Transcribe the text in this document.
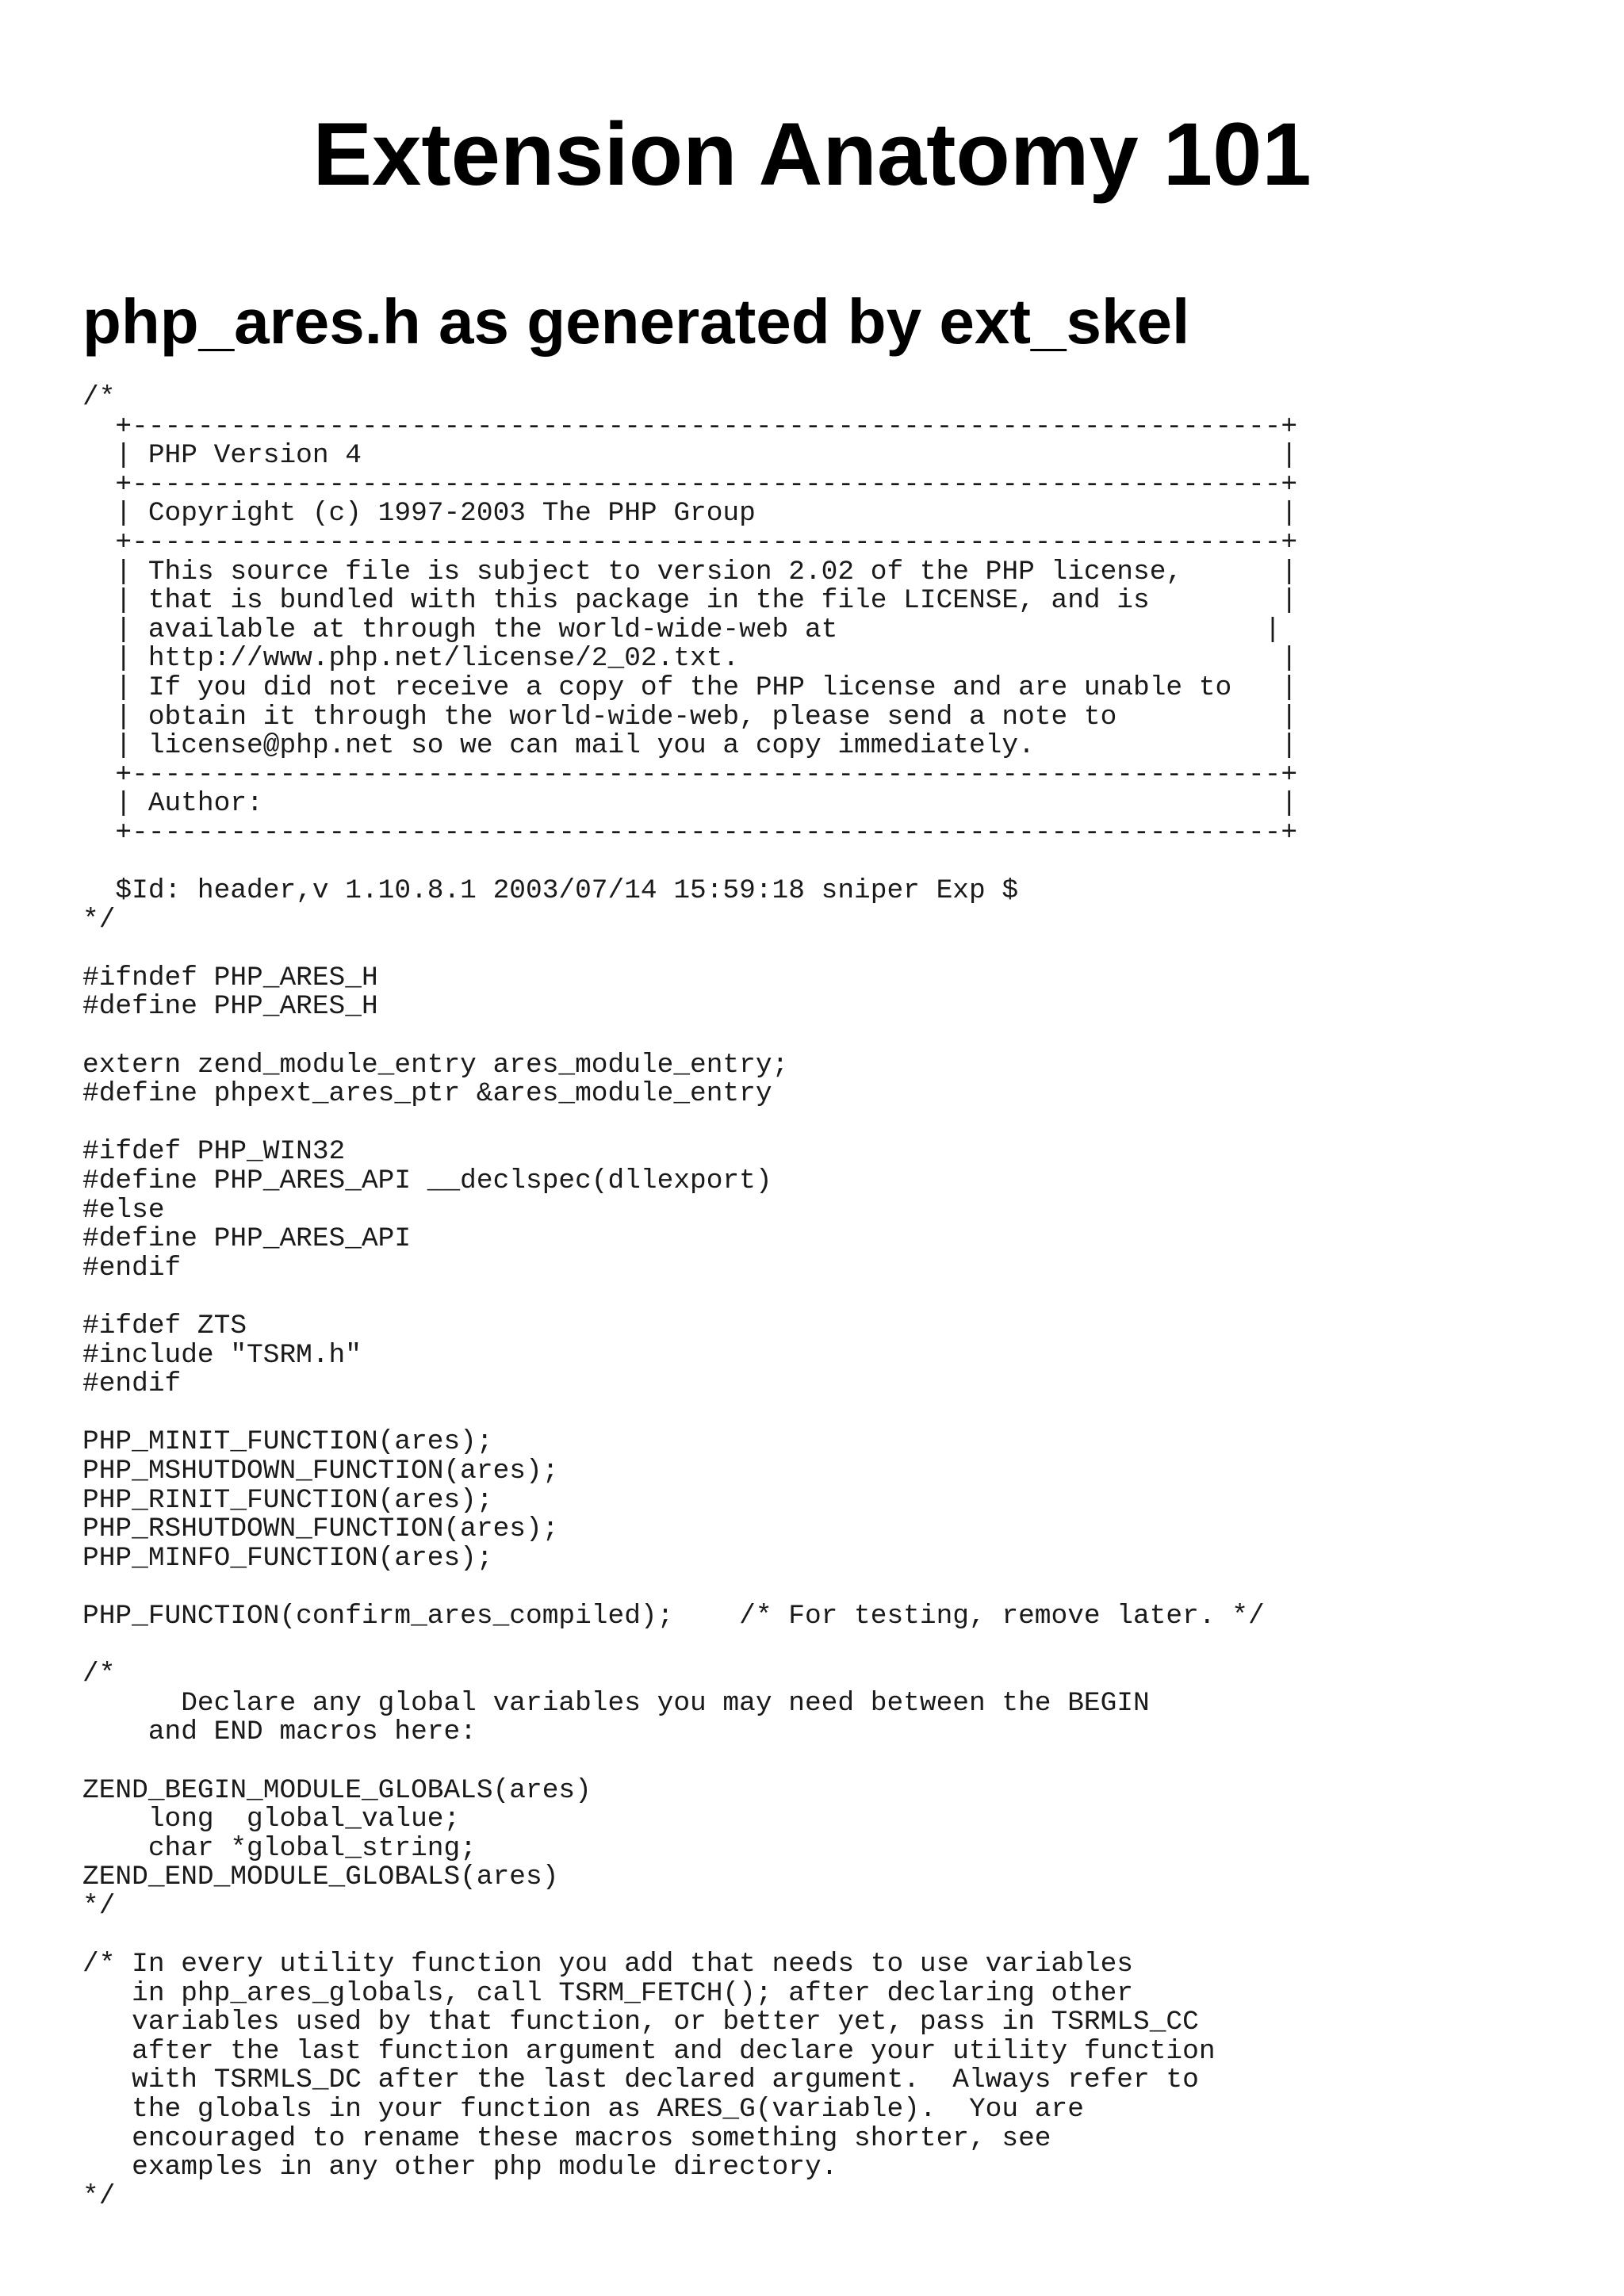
Extension Anatomy 101
php_ares.h as generated by ext_skel
/*
+----------------------------------------------------------------------+
| PHP Version 4                                                        |
+----------------------------------------------------------------------+
| Copyright (c) 1997-2003 The PHP Group                                |
+----------------------------------------------------------------------+
| This source file is subject to version 2.02 of the PHP license,      |
| that is bundled with this package in the file LICENSE, and is        |
| available at through the world-wide-web at                          |
| http://www.php.net/license/2_02.txt.                                 |
| If you did not receive a copy of the PHP license and are unable to   |
| obtain it through the world-wide-web, please send a note to          |
| license@php.net so we can mail you a copy immediately.               |
+----------------------------------------------------------------------+
| Author:                                                              |
+----------------------------------------------------------------------+

$Id: header,v 1.10.8.1 2003/07/14 15:59:18 sniper Exp $
*/

#ifndef PHP_ARES_H
#define PHP_ARES_H

extern zend_module_entry ares_module_entry;
#define phpext_ares_ptr &ares_module_entry

#ifdef PHP_WIN32
#define PHP_ARES_API __declspec(dllexport)
#else
#define PHP_ARES_API
#endif

#ifdef ZTS
#include "TSRM.h"
#endif

PHP_MINIT_FUNCTION(ares);
PHP_MSHUTDOWN_FUNCTION(ares);
PHP_RINIT_FUNCTION(ares);
PHP_RSHUTDOWN_FUNCTION(ares);
PHP_MINFO_FUNCTION(ares);

PHP_FUNCTION(confirm_ares_compiled);    /* For testing, remove later. */

/*
Declare any global variables you may need between the BEGIN
and END macros here:

ZEND_BEGIN_MODULE_GLOBALS(ares)
long  global_value;
char *global_string;
ZEND_END_MODULE_GLOBALS(ares)
*/

/* In every utility function you add that needs to use variables
in php_ares_globals, call TSRM_FETCH(); after declaring other
variables used by that function, or better yet, pass in TSRMLS_CC
after the last function argument and declare your utility function
with TSRMLS_DC after the last declared argument.  Always refer to
the globals in your function as ARES_G(variable).  You are
encouraged to rename these macros something shorter, see
examples in any other php module directory.
*/
